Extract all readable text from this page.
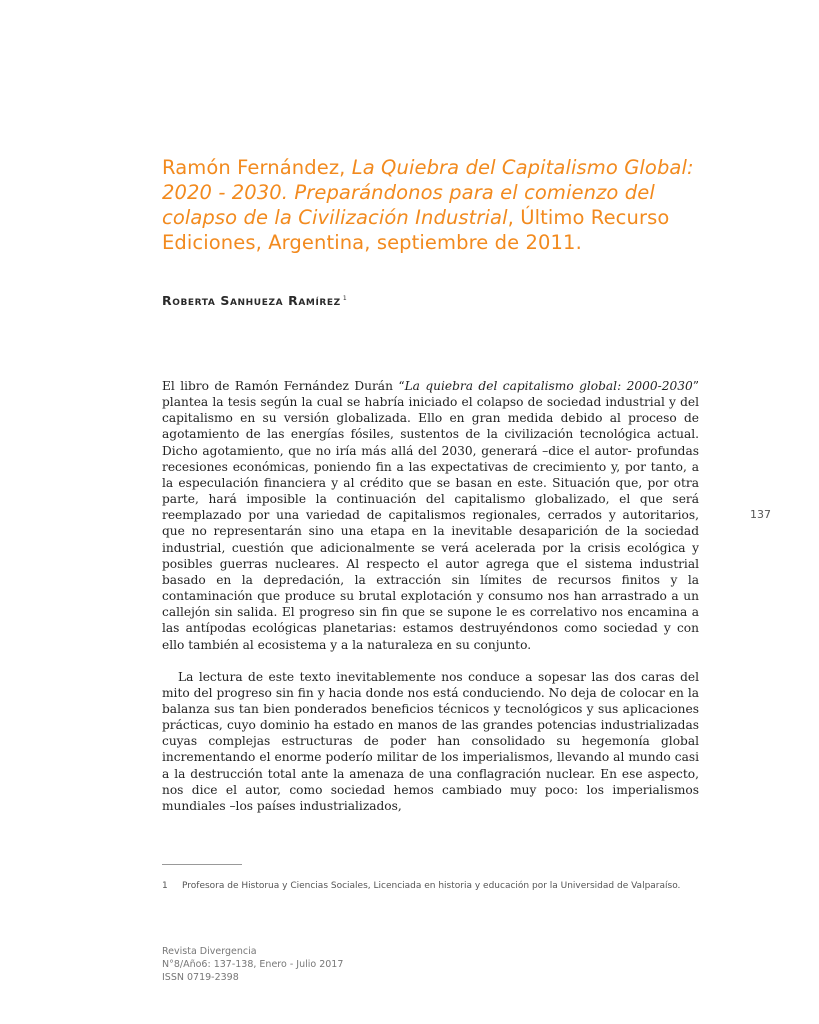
Ramón Fernández, La Quiebra del Capitalismo Global: 2020 - 2030. Preparándonos para el comienzo del colapso de la Civilización Industrial, Último Recurso Ediciones, Argentina, septiembre de 2011.
Roberta Sanhueza Ramírez $^1$

El libro de Ramón Fernández Durán “La quiebra del capitalismo global: 2000-2030” plantea la tesis según la cual se habría iniciado el colapso de sociedad industrial y del capitalismo en su versión globalizada. Ello en gran medida debido al proceso de agotamiento de las energías fósiles, sustentos de la civilización tecnológica actual. Dicho agotamiento, que no iría más allá del 2030, generará –dice el autor- profundas recesiones económicas, poniendo fin a las expectativas de crecimiento y, por tanto, a la especulación financiera y al crédito que se basan en este. Situación que, por otra parte, hará imposible la continuación del capitalismo globalizado, el que será reemplazado por una variedad de capitalismos regionales, cerrados y autoritarios, que no representarán sino una etapa en la inevitable desaparición de la sociedad industrial, cuestión que adicionalmente se verá acelerada por la crisis ecológica y posibles guerras nucleares. Al respecto el autor agrega que el sistema industrial basado en la depredación, la extracción sin límites de recursos finitos y la contaminación que produce su brutal explotación y consumo nos han arrastrado a un callejón sin salida. El progreso sin fin que se supone le es correlativo nos encamina a las antípodas ecológicas planetarias: estamos destruyéndonos como sociedad y con ello también al ecosistema y a la naturaleza en su conjunto.

La lectura de este texto inevitablemente nos conduce a sopesar las dos caras del mito del progreso sin fin y hacia donde nos está conduciendo. No deja de colocar en la balanza sus tan bien ponderados beneficios técnicos y tecnológicos y sus aplicaciones prácticas, cuyo dominio ha estado en manos de las grandes potencias industrializadas cuyas complejas estructuras de poder han consolidado su hegemonía global incrementando el enorme poderío militar de los imperialismos, llevando al mundo casi a la destrucción total ante la amenaza de una conflagración nuclear. En ese aspecto, nos dice el autor, como sociedad hemos cambiado muy poco: los imperialismos mundiales –los países industrializados,

137
1 Profesora de Historua y Ciencias Sociales, Licenciada en historia y educación por la Universidad de Valparaíso.
Revista Divergencia
N°8/Año6: 137-138, Enero - Julio 2017
ISSN 0719-2398
